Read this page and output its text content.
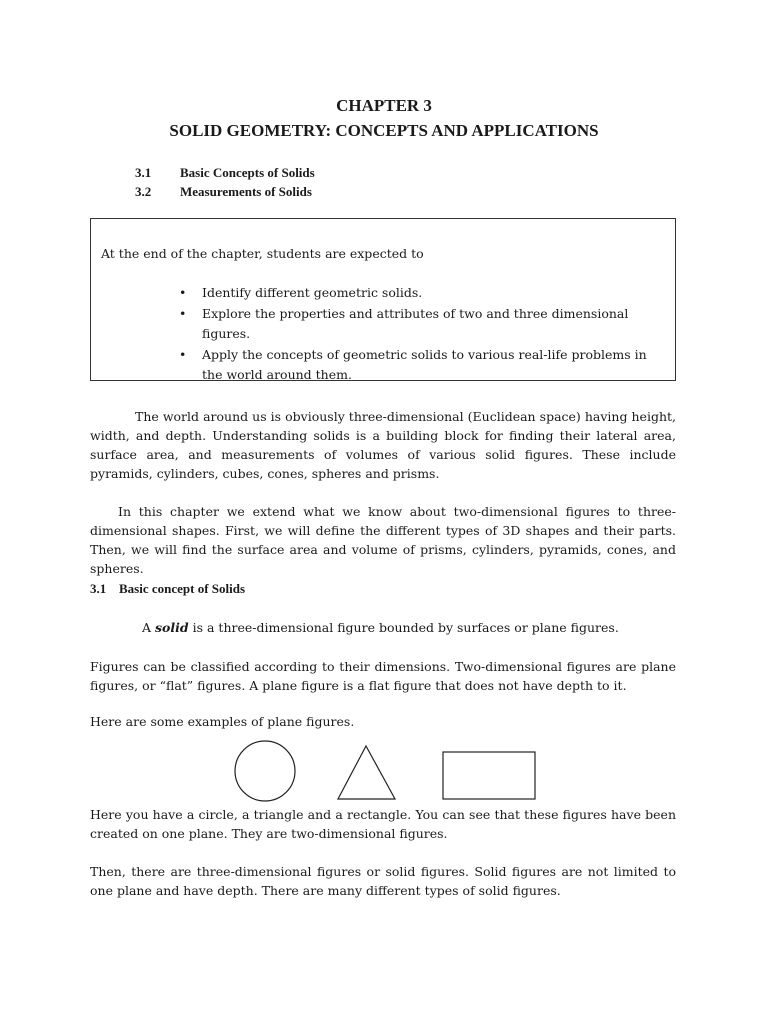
CHAPTER 3
SOLID GEOMETRY: CONCEPTS AND APPLICATIONS
3.1 Basic Concepts of Solids
3.2 Measurements of Solids
At the end of the chapter, students are expected to
• Identify different geometric solids.
• Explore the properties and attributes of two and three dimensional figures.
• Apply the concepts of geometric solids to various real-life problems in the world around them.
The world around us is obviously three-dimensional (Euclidean space) having height, width, and depth. Understanding solids is a building block for finding their lateral area, surface area, and measurements of volumes of various solid figures. These include pyramids, cylinders, cubes, cones, spheres and prisms.
In this chapter we extend what we know about two-dimensional figures to three-dimensional shapes. First, we will define the different types of 3D shapes and their parts. Then, we will find the surface area and volume of prisms, cylinders, pyramids, cones, and spheres.
3.1 Basic concept of Solids
A solid is a three-dimensional figure bounded by surfaces or plane figures.
Figures can be classified according to their dimensions. Two-dimensional figures are plane figures, or “flat” figures. A plane figure is a flat figure that does not have depth to it.
Here are some examples of plane figures.
Here you have a circle, a triangle and a rectangle. You can see that these figures have been created on one plane. They are two-dimensional figures.
Then, there are three-dimensional figures or solid figures. Solid figures are not limited to one plane and have depth. There are many different types of solid figures.
